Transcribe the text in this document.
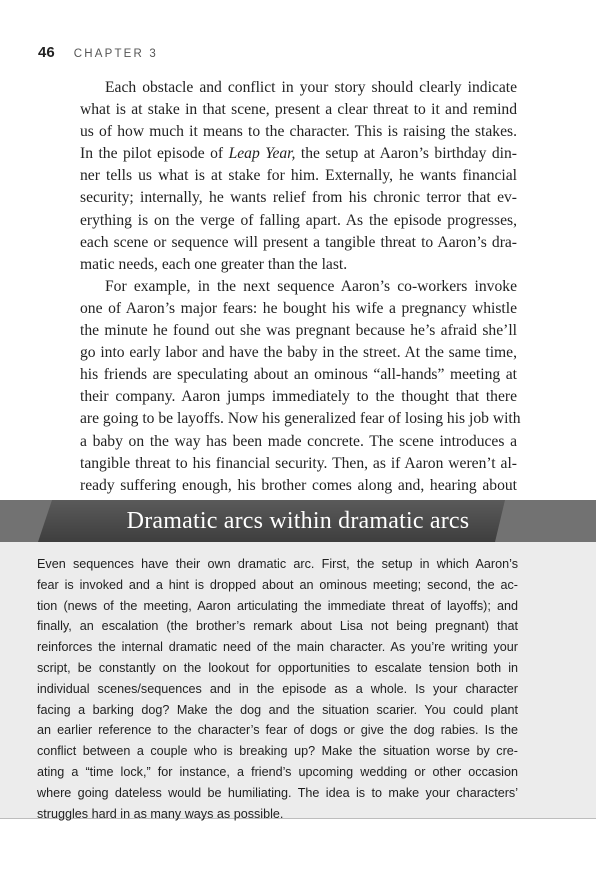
46 CHAPTER 3
Each obstacle and conflict in your story should clearly indicate
what is at stake in that scene, present a clear threat to it and remind
us of how much it means to the character. This is raising the stakes.
In the pilot episode of Leap Year, the setup at Aaron’s birthday din-
ner tells us what is at stake for him. Externally, he wants financial
security; internally, he wants relief from his chronic terror that ev-
erything is on the verge of falling apart. As the episode progresses,
each scene or sequence will present a tangible threat to Aaron’s dra-
matic needs, each one greater than the last.
For example, in the next sequence Aaron’s co-workers invoke
one of Aaron’s major fears: he bought his wife a pregnancy whistle
the minute he found out she was pregnant because he’s afraid she’ll
go into early labor and have the baby in the street. At the same time,
his friends are speculating about an ominous “all-hands” meeting at
their company. Aaron jumps immediately to the thought that there
are going to be layoffs. Now his generalized fear of losing his job with
a baby on the way has been made concrete. The scene introduces a
tangible threat to his financial security. Then, as if Aaron weren’t al-
ready suffering enough, his brother comes along and, hearing about
Dramatic arcs within dramatic arcs
Even sequences have their own dramatic arc. First, the setup in which Aaron’s
fear is invoked and a hint is dropped about an ominous meeting; second, the ac-
tion (news of the meeting, Aaron articulating the immediate threat of layoffs); and
finally, an escalation (the brother’s remark about Lisa not being pregnant) that
reinforces the internal dramatic need of the main character. As you’re writing your
script, be constantly on the lookout for opportunities to escalate tension both in
individual scenes/sequences and in the episode as a whole. Is your character
facing a barking dog? Make the dog and the situation scarier. You could plant
an earlier reference to the character’s fear of dogs or give the dog rabies. Is the
conflict between a couple who is breaking up? Make the situation worse by cre-
ating a “time lock,” for instance, a friend’s upcoming wedding or other occasion
where going dateless would be humiliating. The idea is to make your characters’
struggles hard in as many ways as possible.
